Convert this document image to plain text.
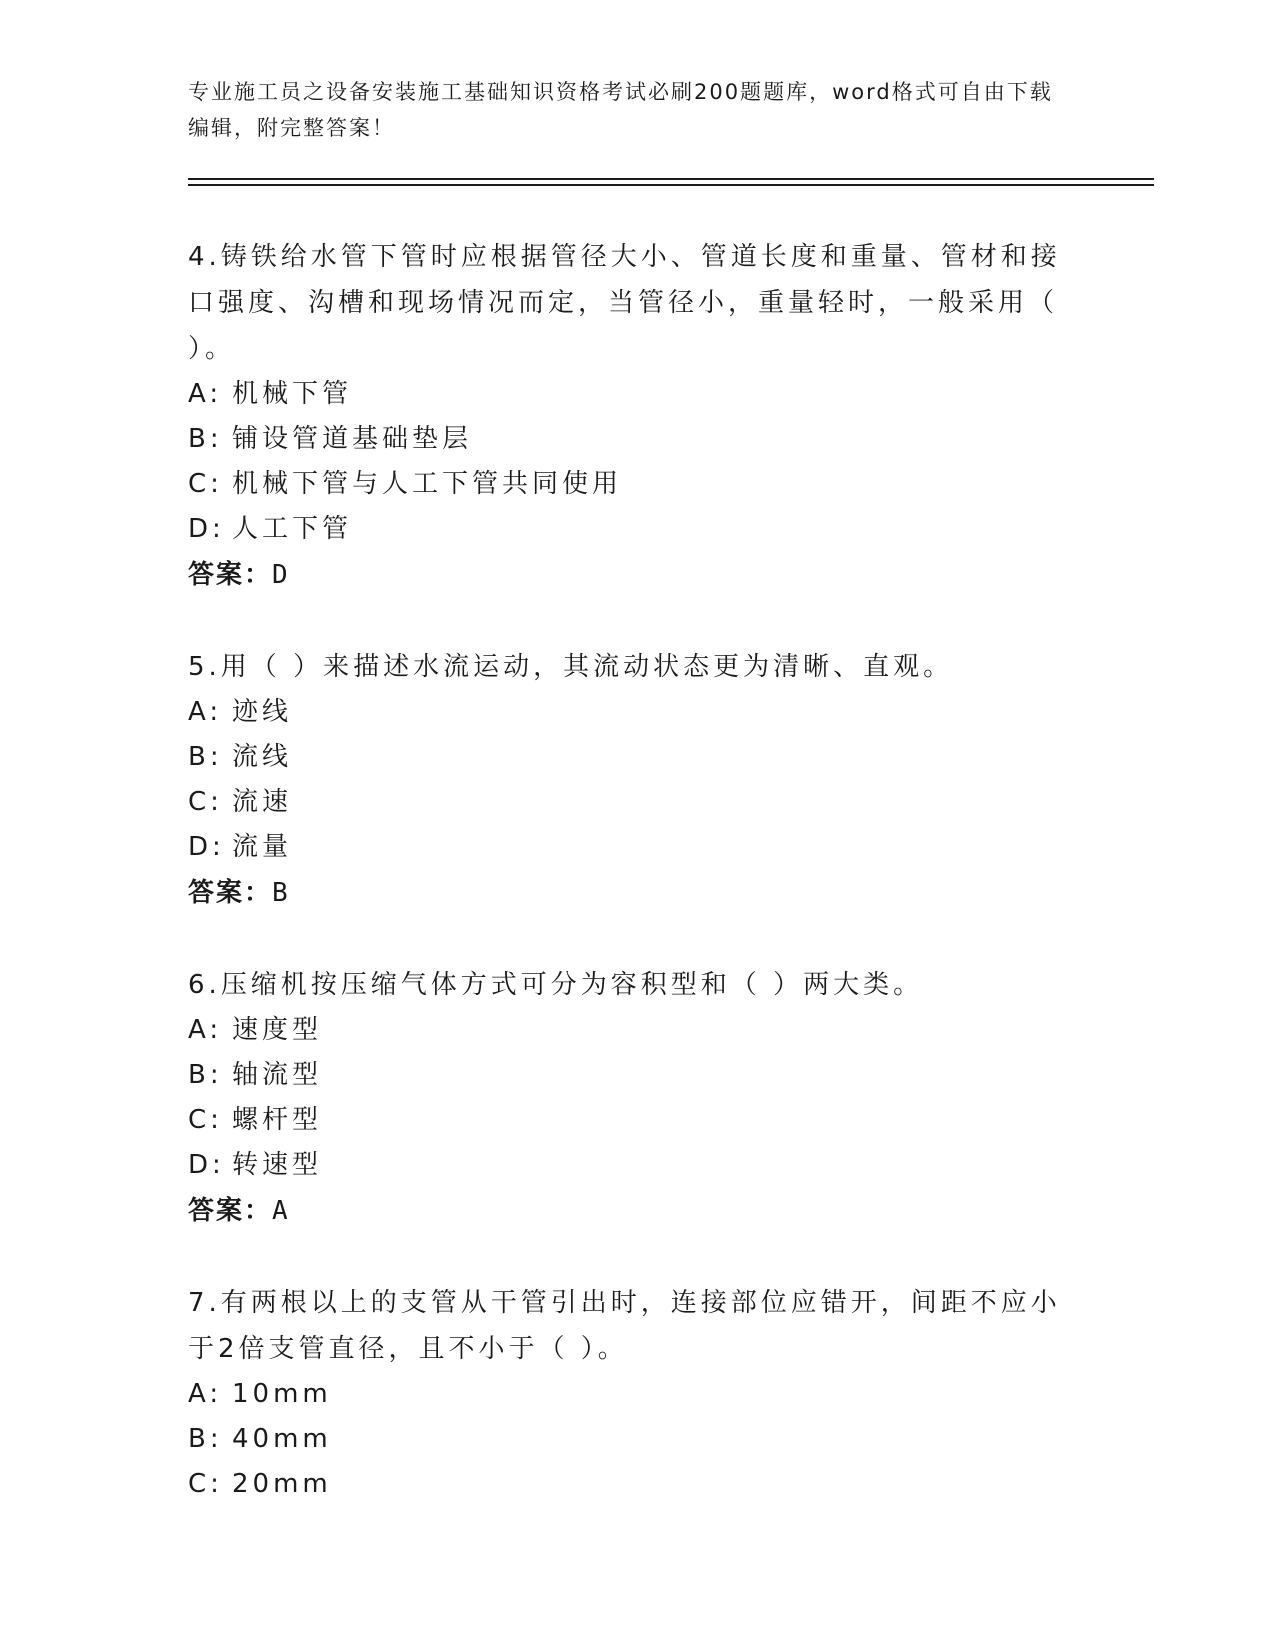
专业施工员之设备安装施工基础知识资格考试必刷200题题库，word格式可自由下载编辑，附完整答案！

4.铸铁给水管下管时应根据管径大小、管道长度和重量、管材和接口强度、沟槽和现场情况而定，当管径小，重量轻时，一般采用（ ）。

A: 机械下管
B: 铺设管道基础垫层
C: 机械下管与人工下管共同使用
D: 人工下管
答案：D

5.用（ ）来描述水流运动，其流动状态更为清晰、直观。

A: 迹线
B: 流线
C: 流速
D: 流量
答案：B

6.压缩机按压缩气体方式可分为容积型和（ ）两大类。

A: 速度型
B: 轴流型
C: 螺杆型
D: 转速型
答案：A

7.有两根以上的支管从干管引出时，连接部位应错开，间距不应小于2倍支管直径，且不小于（ ）。

A: 10mm
B: 40mm
C: 20mm
